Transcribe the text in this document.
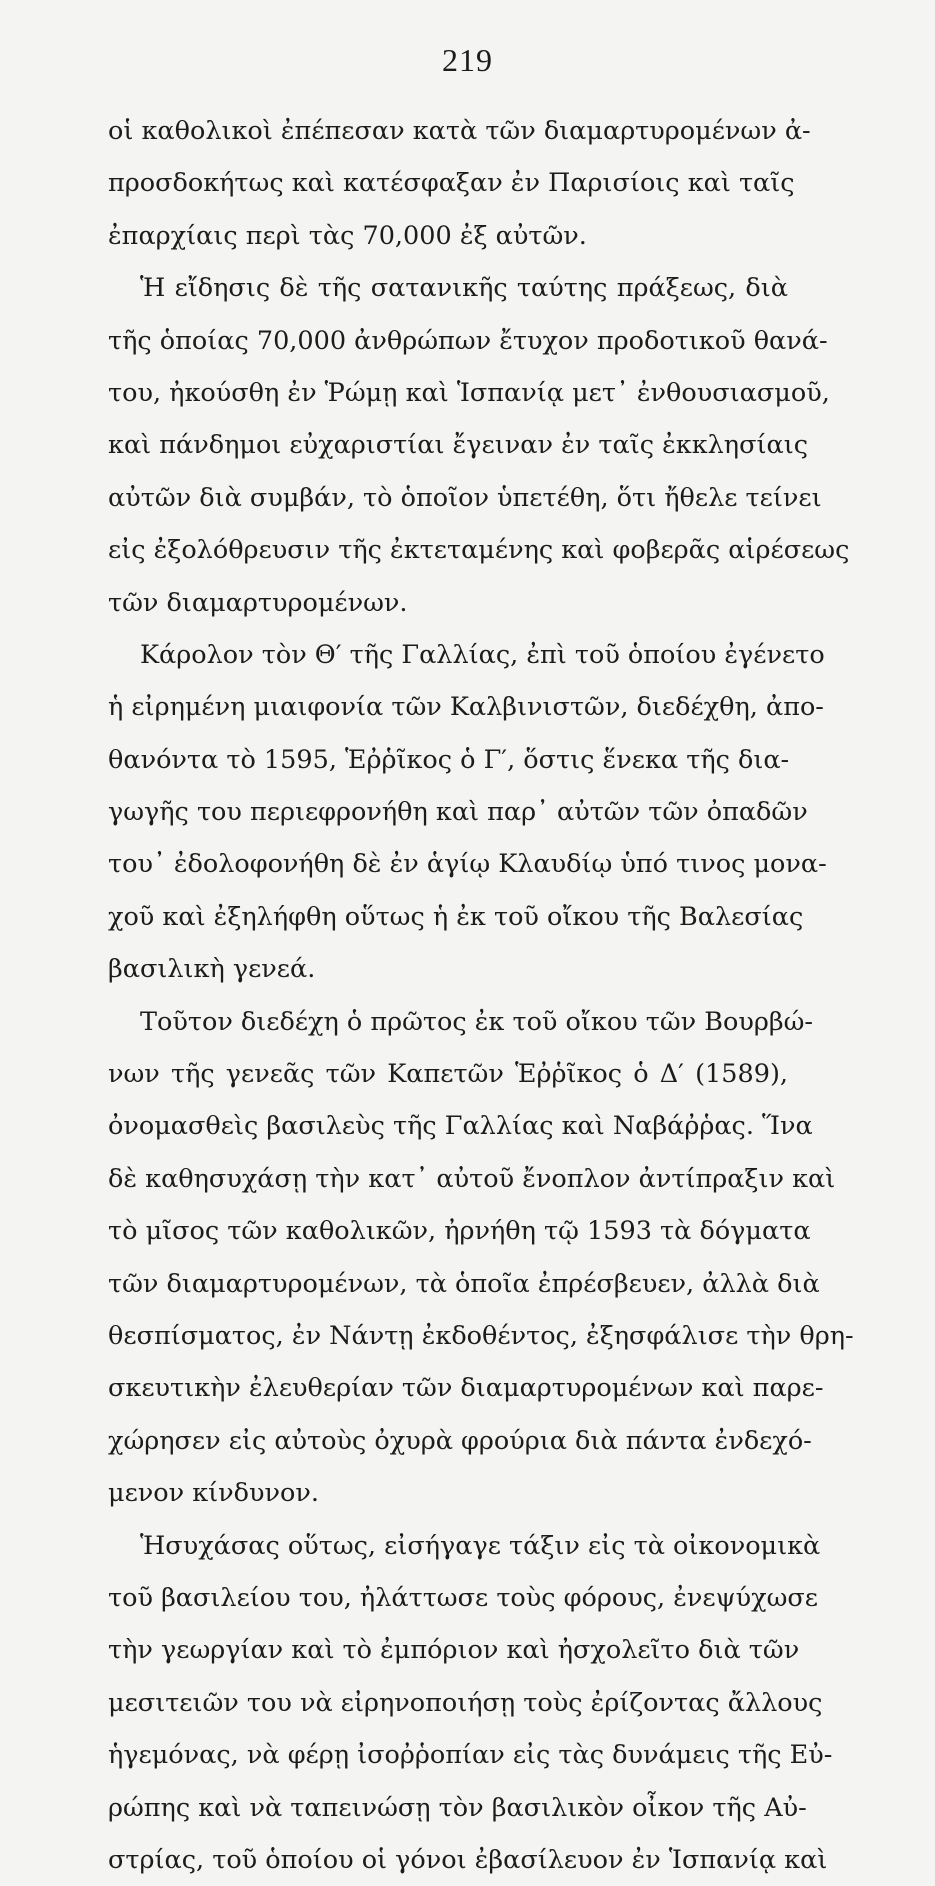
219
οἱ καθολικοὶ ἐπέπεσαν κατὰ τῶν διαμαρτυρομένων ἀ-
προσδοκήτως καὶ κατέσφαξαν ἐν Παρισίοις καὶ ταῖς
ἐπαρχίαις περὶ τὰς 70,000 ἐξ αὐτῶν.
Ἡ εἴδησις δὲ τῆς σατανικῆς ταύτης πράξεως, διὰ
τῆς ὁποίας 70,000 ἀνθρώπων ἔτυχον προδοτικοῦ θανά-
του, ἠκούσθη ἐν Ῥώμῃ καὶ Ἱσπανίᾳ μετ᾽ ἐνθουσιασμοῦ,
καὶ πάνδημοι εὐχαριστίαι ἔγειναν ἐν ταῖς ἐκκλησίαις
αὐτῶν διὰ συμβάν, τὸ ὁποῖον ὑπετέθη, ὅτι ἤθελε τείνει
εἰς ἐξολόθρευσιν τῆς ἐκτεταμένης καὶ φοβερᾶς αἱρέσεως
τῶν διαμαρτυρομένων.
Κάρολον τὸν Θ′ τῆς Γαλλίας, ἐπὶ τοῦ ὁποίου ἐγένετο
ἡ εἰρημένη μιαιφονία τῶν Καλβινιστῶν, διεδέχθη, ἀπο-
θανόντα τὸ 1595, Ἑῤῥῖκος ὁ Γ′, ὅστις ἕνεκα τῆς δια-
γωγῆς του περιεφρονήθη καὶ παρ᾽ αὐτῶν τῶν ὀπαδῶν
του᾽ ἐδολοφονήθη δὲ ἐν ἁγίῳ Κλαυδίῳ ὑπό τινος μονα-
χοῦ καὶ ἐξηλήφθη οὕτως ἡ ἐκ τοῦ οἴκου τῆς Βαλεσίας
βασιλικὴ γενεά.
Τοῦτον διεδέχη ὁ πρῶτος ἐκ τοῦ οἴκου τῶν Βουρβώ-
νων τῆς γενεᾶς τῶν Καπετῶν Ἑῤῥῖκος ὁ Δ′ (1589),
ὀνομασθεὶς βασιλεὺς τῆς Γαλλίας καὶ Ναβάῤῥας. Ἵνα
δὲ καθησυχάσῃ τὴν κατ᾽ αὐτοῦ ἔνοπλον ἀντίπραξιν καὶ
τὸ μῖσος τῶν καθολικῶν, ἠρνήθη τῷ 1593 τὰ δόγματα
τῶν διαμαρτυρομένων, τὰ ὁποῖα ἐπρέσβευεν, ἀλλὰ διὰ
θεσπίσματος, ἐν Νάντῃ ἐκδοθέντος, ἐξησφάλισε τὴν θρη-
σκευτικὴν ἐλευθερίαν τῶν διαμαρτυρομένων καὶ παρε-
χώρησεν εἰς αὐτοὺς ὀχυρὰ φρούρια διὰ πάντα ἐνδεχό-
μενον κίνδυνον.
Ἡσυχάσας οὕτως, εἰσήγαγε τάξιν εἰς τὰ οἰκονομικὰ
τοῦ βασιλείου του, ἠλάττωσε τοὺς φόρους, ἐνεψύχωσε
τὴν γεωργίαν καὶ τὸ ἐμπόριον καὶ ἠσχολεῖτο διὰ τῶν
μεσιτειῶν του νὰ εἰρηνοποιήσῃ τοὺς ἐρίζοντας ἄλλους
ἡγεμόνας, νὰ φέρῃ ἰσοῤῥοπίαν εἰς τὰς δυνάμεις τῆς Εὐ-
ρώπης καὶ νὰ ταπεινώσῃ τὸν βασιλικὸν οἶκον τῆς Αὐ-
στρίας, τοῦ ὁποίου οἱ γόνοι ἐβασίλευον ἐν Ἱσπανίᾳ καὶ
